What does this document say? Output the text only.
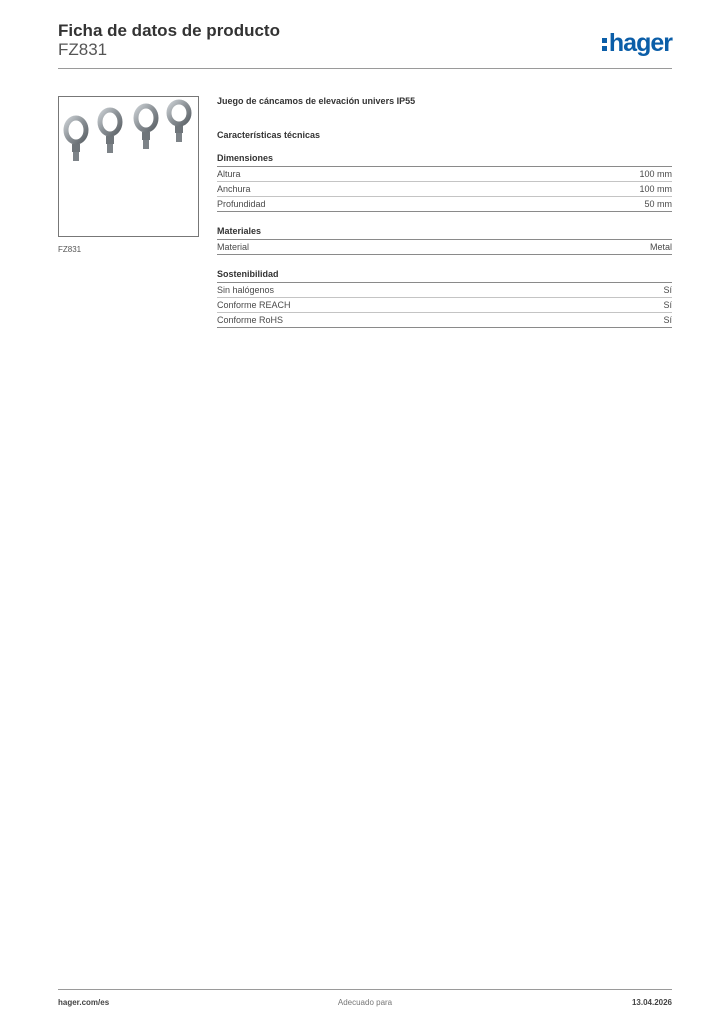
Ficha de datos de producto
FZ831	hager
FZ831
Juego de cáncamos de elevación univers IP55
Características técnicas
Dimensiones
Altura	100 mm
Anchura	100 mm
Profundidad	50 mm
Materiales
Material	Metal
Sostenibilidad
Sin halógenos	Sí
Conforme REACH	Sí
Conforme RoHS	Sí
hager.com/es	Adecuado para	13.04.2026
